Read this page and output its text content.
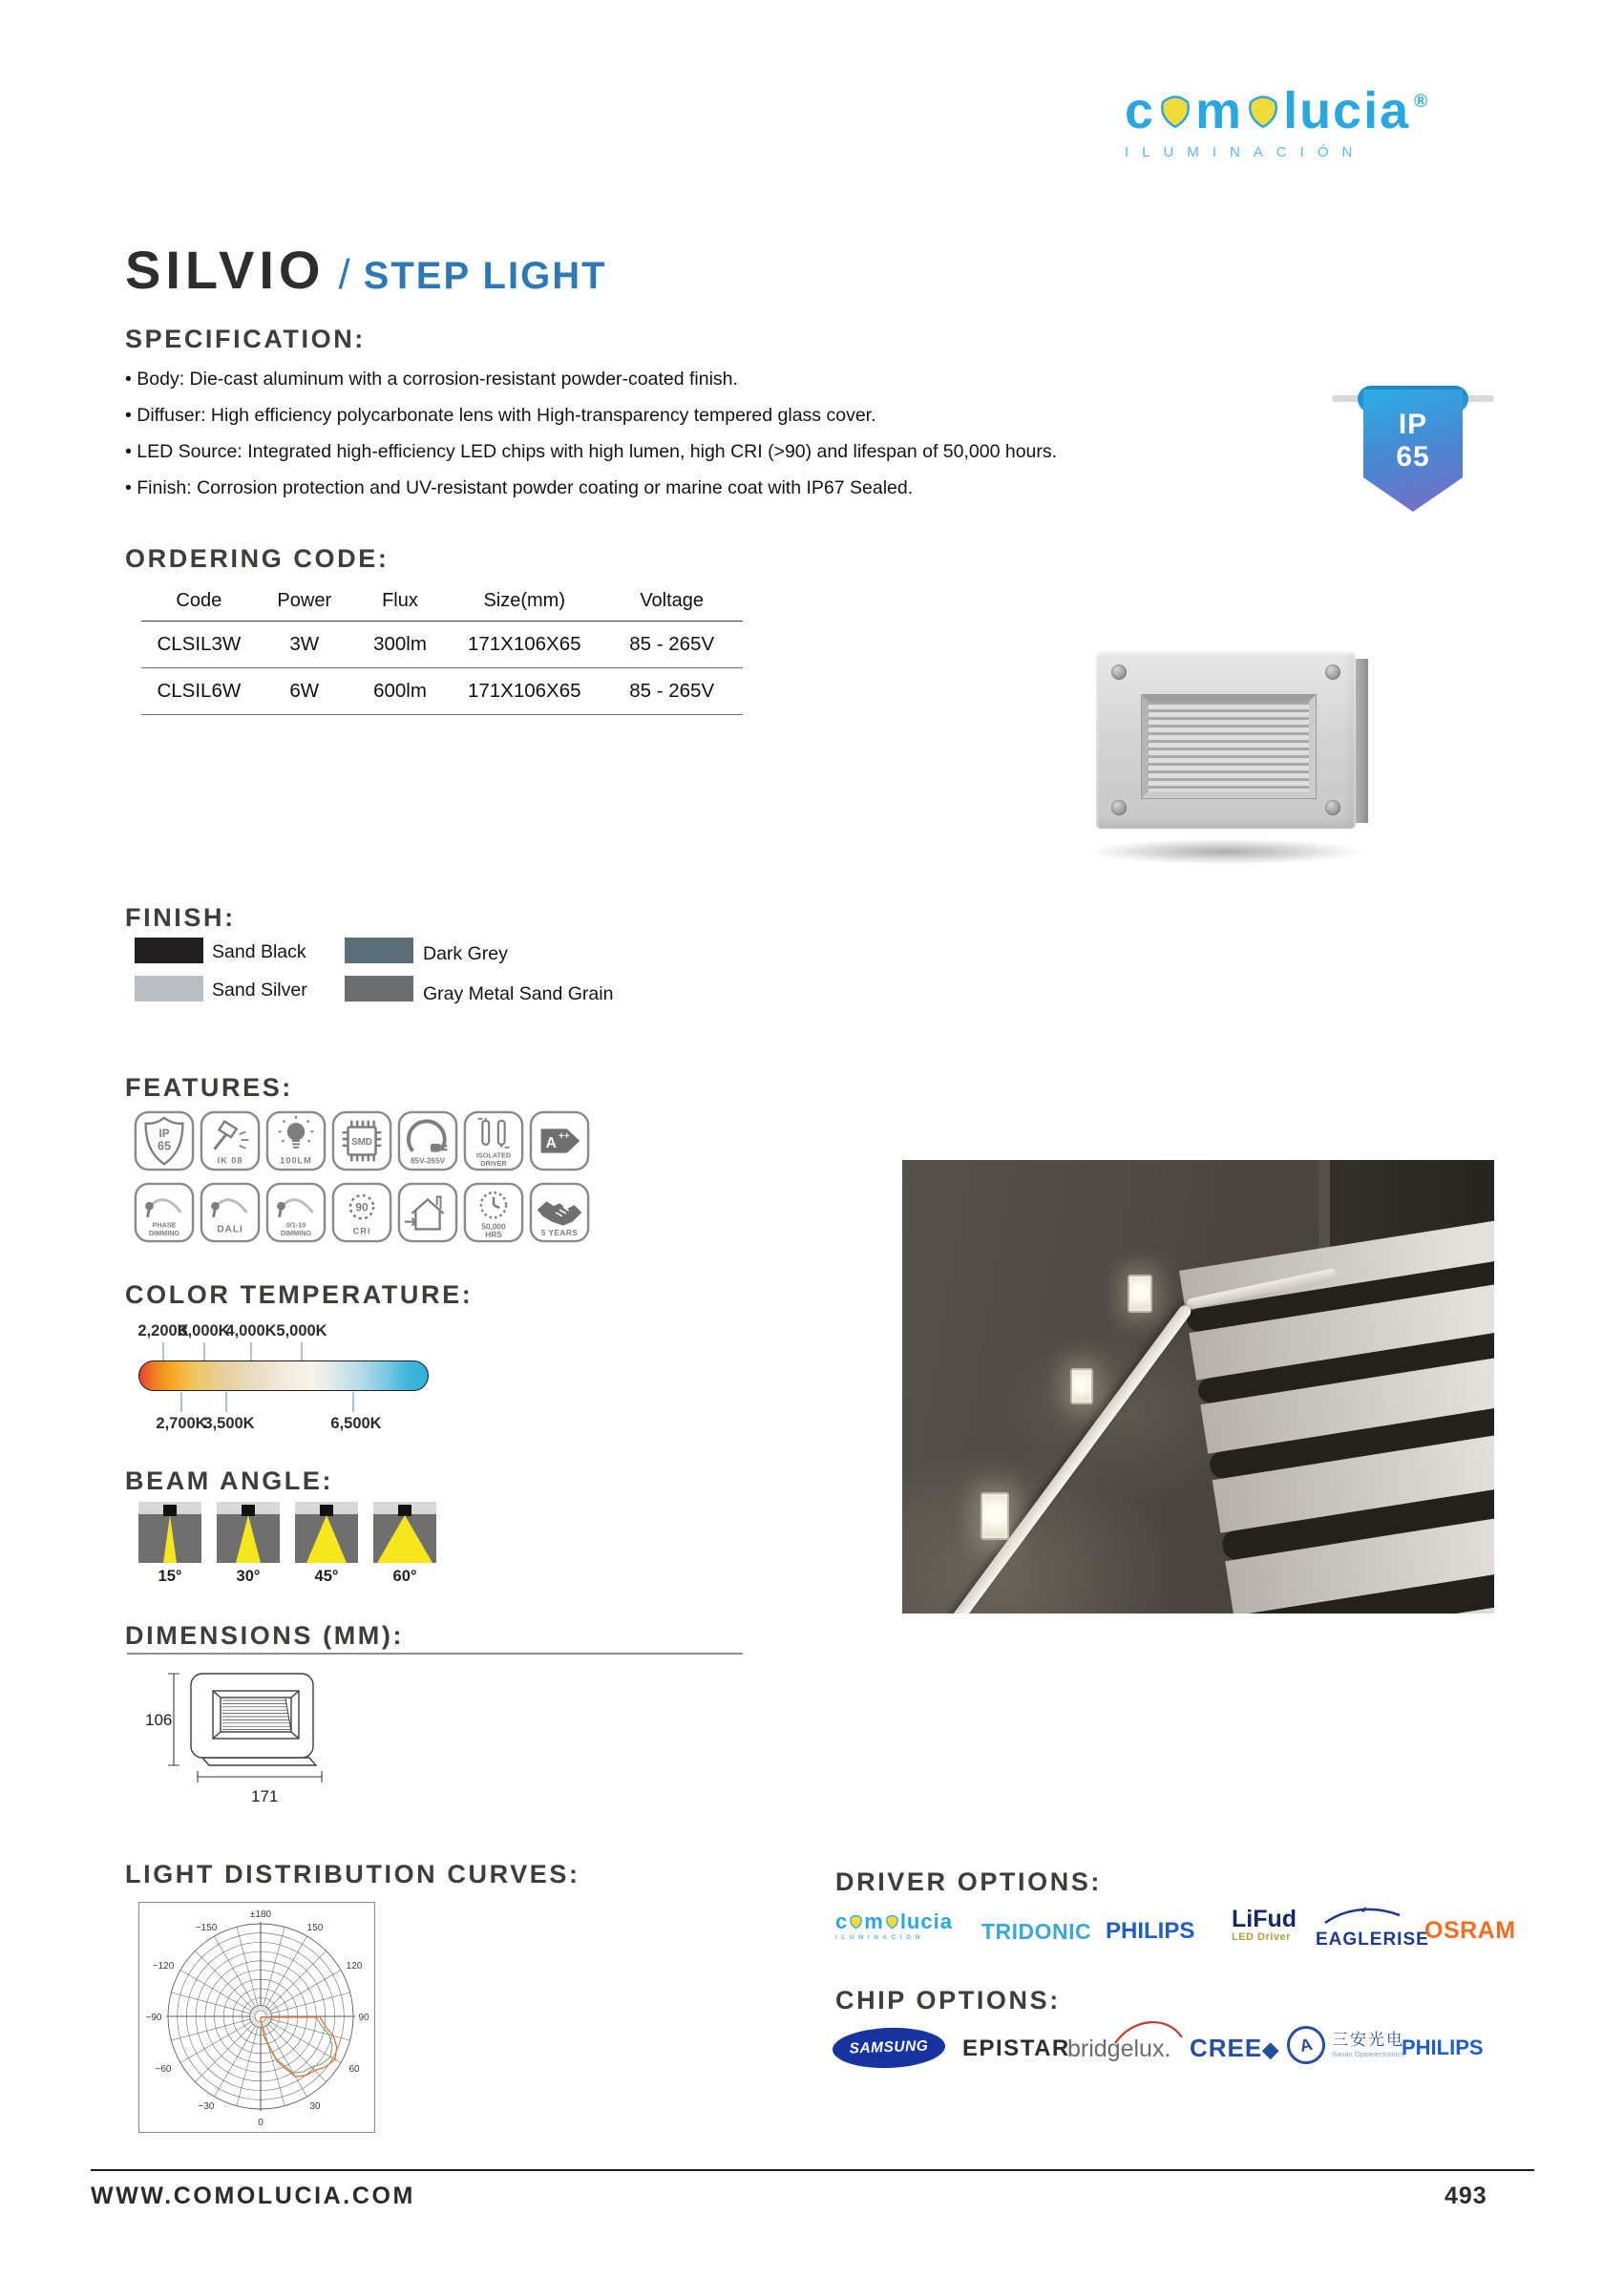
c m lucia ®
ILUMINACIÓN
SILVIO / STEP LIGHT
SPECIFICATION:
• Body: Die-cast aluminum with a corrosion-resistant powder-coated finish.
• Diffuser: High efficiency polycarbonate lens with High-transparency tempered glass cover.
• LED Source: Integrated high-efficiency LED chips with high lumen, high CRI (>90) and lifespan of 50,000 hours.
• Finish: Corrosion protection and UV-resistant powder coating or marine coat with IP67 Sealed.
IP
65
ORDERING CODE:
Code	Power	Flux	Size(mm)	Voltage
CLSIL3W	3W	300lm	171X106X65	85 - 265V
CLSIL6W	6W	600lm	171X106X65	85 - 265V
FINISH:
Sand Black
Sand Silver
Dark Grey
Gray Metal Sand Grain
FEATURES:
IP
65
IK 08	100LM
SMD
85V-265V
ISOLATED
DRIVER
A ++
PHASE
DIMMING	DALI	0/1-10
DIMMING
90
CRI	50,000
HRS	5 YEARS
COLOR TEMPERATURE:
2,200K
3,000K
4,000K 5,000K
2,700K
3,500K	6,500K
BEAM ANGLE:
15°	30°	45°	60°
DIMENSIONS (MM):
106
171
LIGHT DISTRIBUTION CURVES:
±180
150
−150
120
−120
90
−90
60
−60
30
−30
0
DRIVER OPTIONS:
c m lucia
ILUMINACIÓN	TRIDONIC PHILIPS LiFud
LED Driver	EAGLERISE
OSRAM
CHIP OPTIONS:
SAMSUNG	EPISTAR
bridgelux. CREE◆	A	三安光电
Sanan Optoelectronics
PHILIPS
WWW.COMOLUCIA.COM	493
